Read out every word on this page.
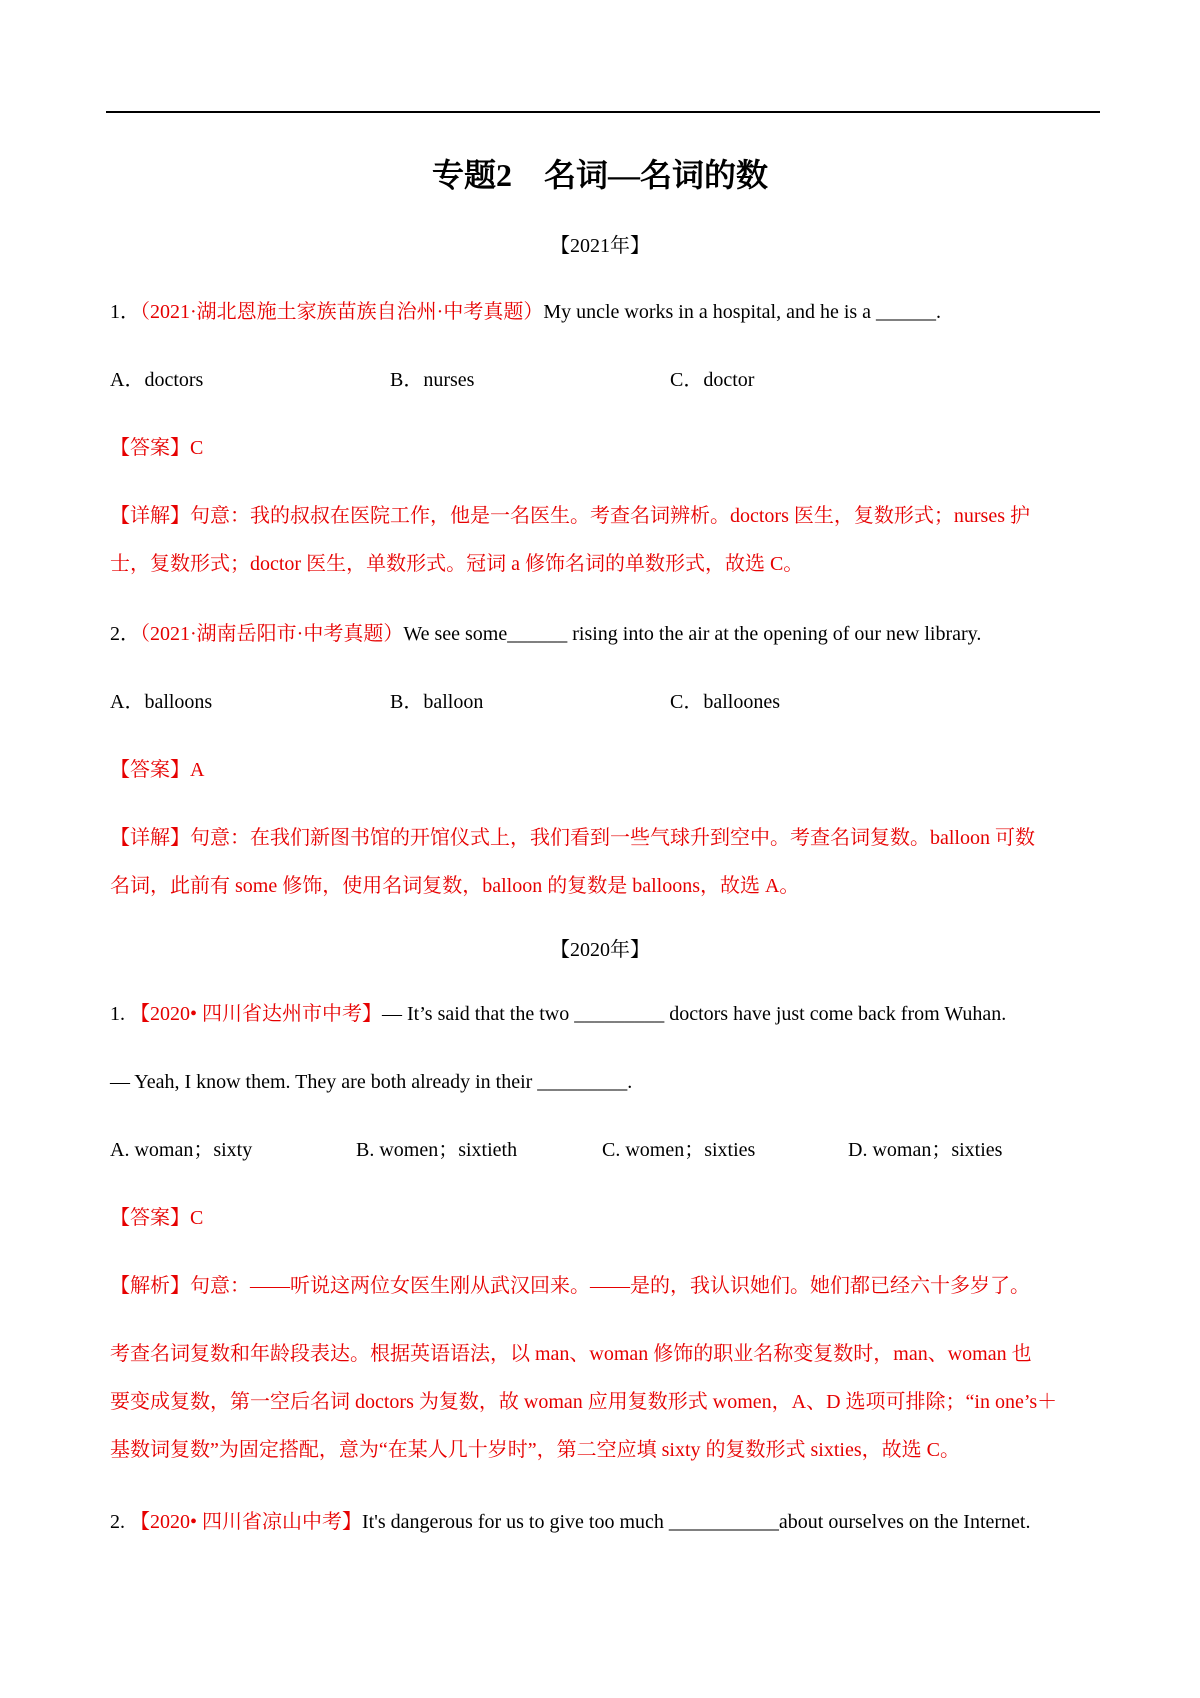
专题2 名词—名词的数
【2021年】
1．（2021·湖北恩施土家族苗族自治州·中考真题）My uncle works in a hospital, and he is a ______.
A．doctors	B．nurses	C．doctor
【答案】C
【详解】句意：我的叔叔在医院工作，他是一名医生。考查名词辨析。doctors 医生，复数形式；nurses 护
士，复数形式；doctor 医生，单数形式。冠词 a 修饰名词的单数形式，故选 C。
2．（2021·湖南岳阳市·中考真题）We see some______ rising into the air at the opening of our new library.
A．balloons	B．balloon	C．balloones
【答案】A
【详解】句意：在我们新图书馆的开馆仪式上，我们看到一些气球升到空中。考查名词复数。balloon 可数
名词，此前有 some 修饰，使用名词复数，balloon 的复数是 balloons，故选 A。
【2020年】
1. 【2020• 四川省达州市中考】— It’s said that the two _________ doctors have just come back from Wuhan.
— Yeah, I know them. They are both already in their _________.
A. woman；sixty	B. women；sixtieth	C. women；sixties	D. woman；sixties
【答案】C
【解析】句意：——听说这两位女医生刚从武汉回来。——是的，我认识她们。她们都已经六十多岁了。
考查名词复数和年龄段表达。根据英语语法，以 man、woman 修饰的职业名称变复数时，man、woman 也
要变成复数，第一空后名词 doctors 为复数，故 woman 应用复数形式 women，A、D 选项可排除；“in one’s＋
基数词复数”为固定搭配，意为“在某人几十岁时”，第二空应填 sixty 的复数形式 sixties，故选 C。
2. 【2020• 四川省凉山中考】It's dangerous for us to give too much ___________about ourselves on the Internet.
